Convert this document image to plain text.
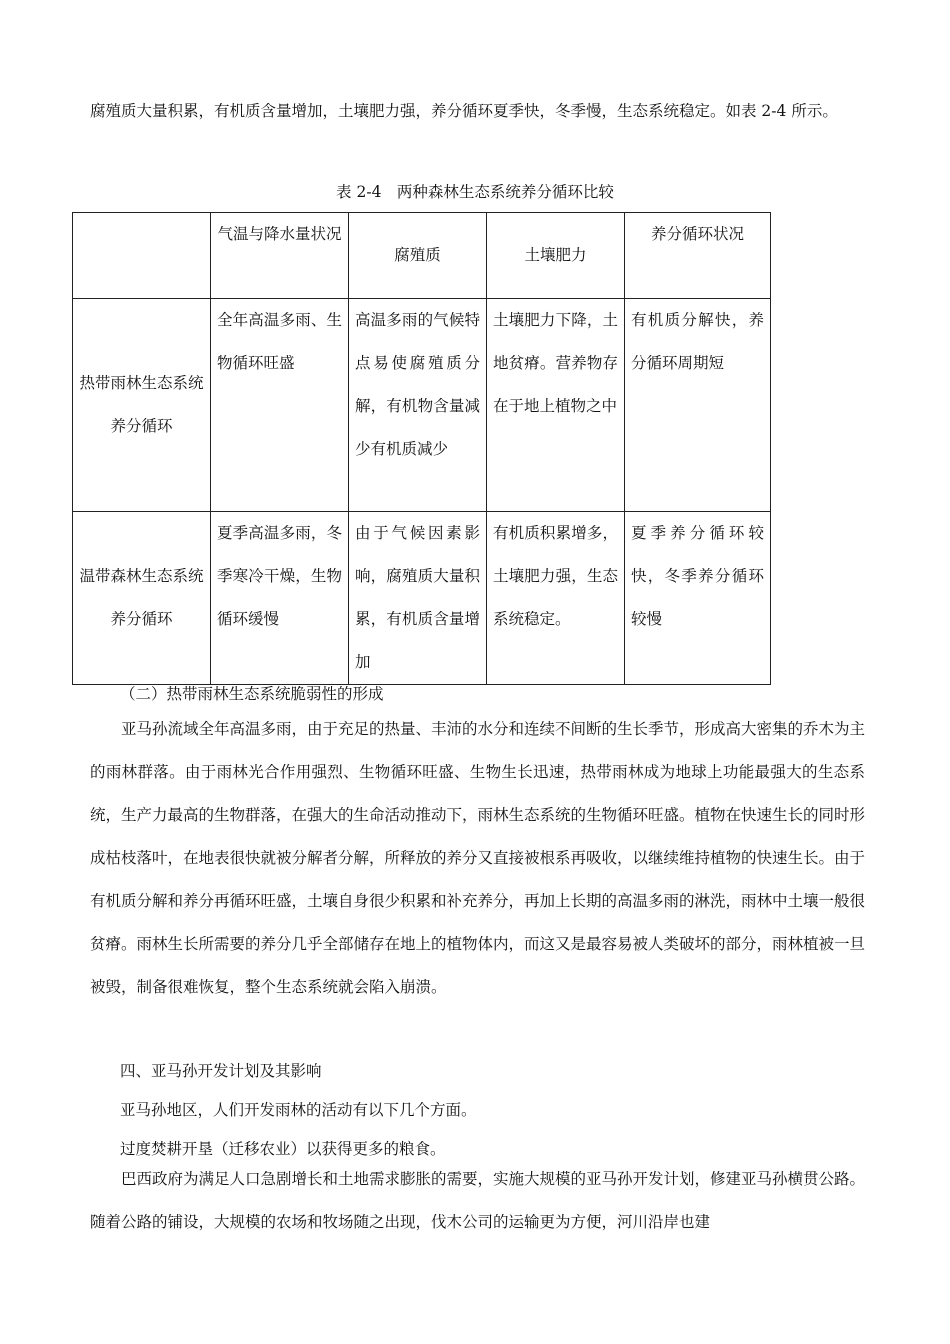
腐殖质大量积累，有机质含量增加，土壤肥力强，养分循环夏季快，冬季慢，生态系统稳定。如表 2-4 所示。

表 2-4　两种森林生态系统养分循环比较
	气温与降水量状况	腐殖质	土壤肥力	养分循环状况
热带雨林生态系统养分循环	全年高温多雨、生物循环旺盛	高温多雨的气候特点易使腐殖质分解，有机物含量减少有机质减少	土壤肥力下降，土地贫瘠。营养物存在于地上植物之中	有机质分解快，养分循环周期短
温带森林生态系统养分循环	夏季高温多雨，冬季寒冷干燥，生物循环缓慢	由于气候因素影响，腐殖质大量积累，有机质含量增加	有机质积累增多，土壤肥力强，生态系统稳定。	夏季养分循环较快，冬季养分循环较慢
（二）热带雨林生态系统脆弱性的形成

亚马孙流域全年高温多雨，由于充足的热量、丰沛的水分和连续不间断的生长季节，形成高大密集的乔木为主的雨林群落。由于雨林光合作用强烈、生物循环旺盛、生物生长迅速，热带雨林成为地球上功能最强大的生态系统，生产力最高的生物群落，在强大的生命活动推动下，雨林生态系统的生物循环旺盛。植物在快速生长的同时形成枯枝落叶，在地表很快就被分解者分解，所释放的养分又直接被根系再吸收，以继续维持植物的快速生长。由于有机质分解和养分再循环旺盛，土壤自身很少积累和补充养分，再加上长期的高温多雨的淋洗，雨林中土壤一般很贫瘠。雨林生长所需要的养分几乎全部储存在地上的植物体内，而这又是最容易被人类破坏的部分，雨林植被一旦被毁，制备很难恢复，整个生态系统就会陷入崩溃。

四、亚马孙开发计划及其影响
亚马孙地区，人们开发雨林的活动有以下几个方面。
过度焚耕开垦（迁移农业）以获得更多的粮食。

巴西政府为满足人口急剧增长和土地需求膨胀的需要，实施大规模的亚马孙开发计划，修建亚马孙横贯公路。随着公路的铺设，大规模的农场和牧场随之出现，伐木公司的运输更为方便，河川沿岸也建
